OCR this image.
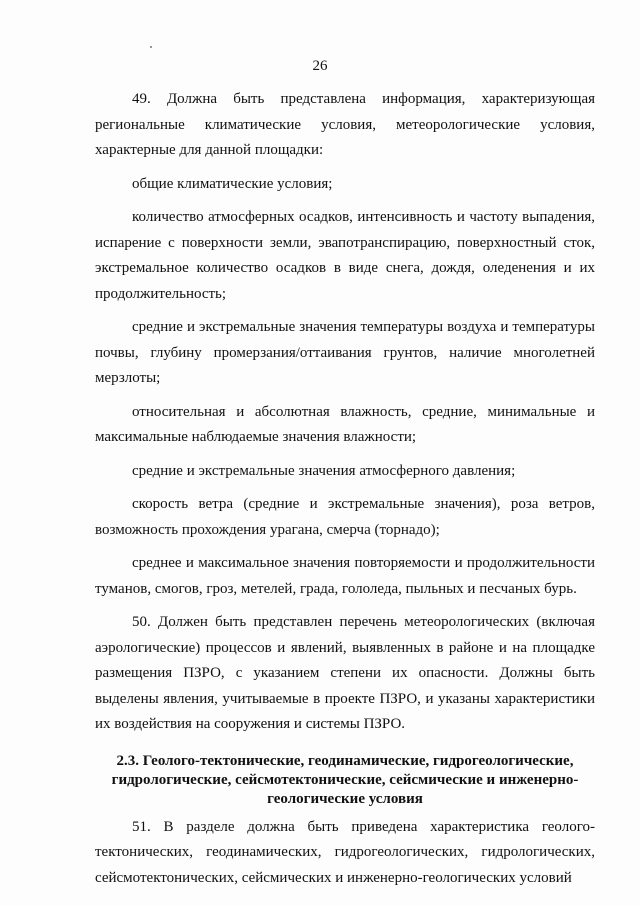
26

49. Должна быть представлена информация, характеризующая региональные климатические условия, метеорологические условия, характерные для данной площадки:

общие климатические условия;

количество атмосферных осадков, интенсивность и частоту выпадения, испарение с поверхности земли, эвапотранспирацию, поверхностный сток, экстремальное количество осадков в виде снега, дождя, оледенения и их продолжительность;

средние и экстремальные значения температуры воздуха и температуры почвы, глубину промерзания/оттаивания грунтов, наличие многолетней мерзлоты;

относительная и абсолютная влажность, средние, минимальные и максимальные наблюдаемые значения влажности;

средние и экстремальные значения атмосферного давления;

скорость ветра (средние и экстремальные значения), роза ветров, возможность прохождения урагана, смерча (торнадо);

среднее и максимальное значения повторяемости и продолжительности туманов, смогов, гроз, метелей, града, гололеда, пыльных и песчаных бурь.

50. Должен быть представлен перечень метеорологических (включая аэрологические) процессов и явлений, выявленных в районе и на площадке размещения ПЗРО, с указанием степени их опасности. Должны быть выделены явления, учитываемые в проекте ПЗРО, и указаны характеристики их воздействия на сооружения и системы ПЗРО.

2.3. Геолого-тектонические, геодинамические, гидрогеологические, гидрологические, сейсмотектонические, сейсмические и инженерно-геологические условия

51. В разделе должна быть приведена характеристика геолого-тектонических, геодинамических, гидрогеологических, гидрологических, сейсмотектонических, сейсмических и инженерно-геологических условий
